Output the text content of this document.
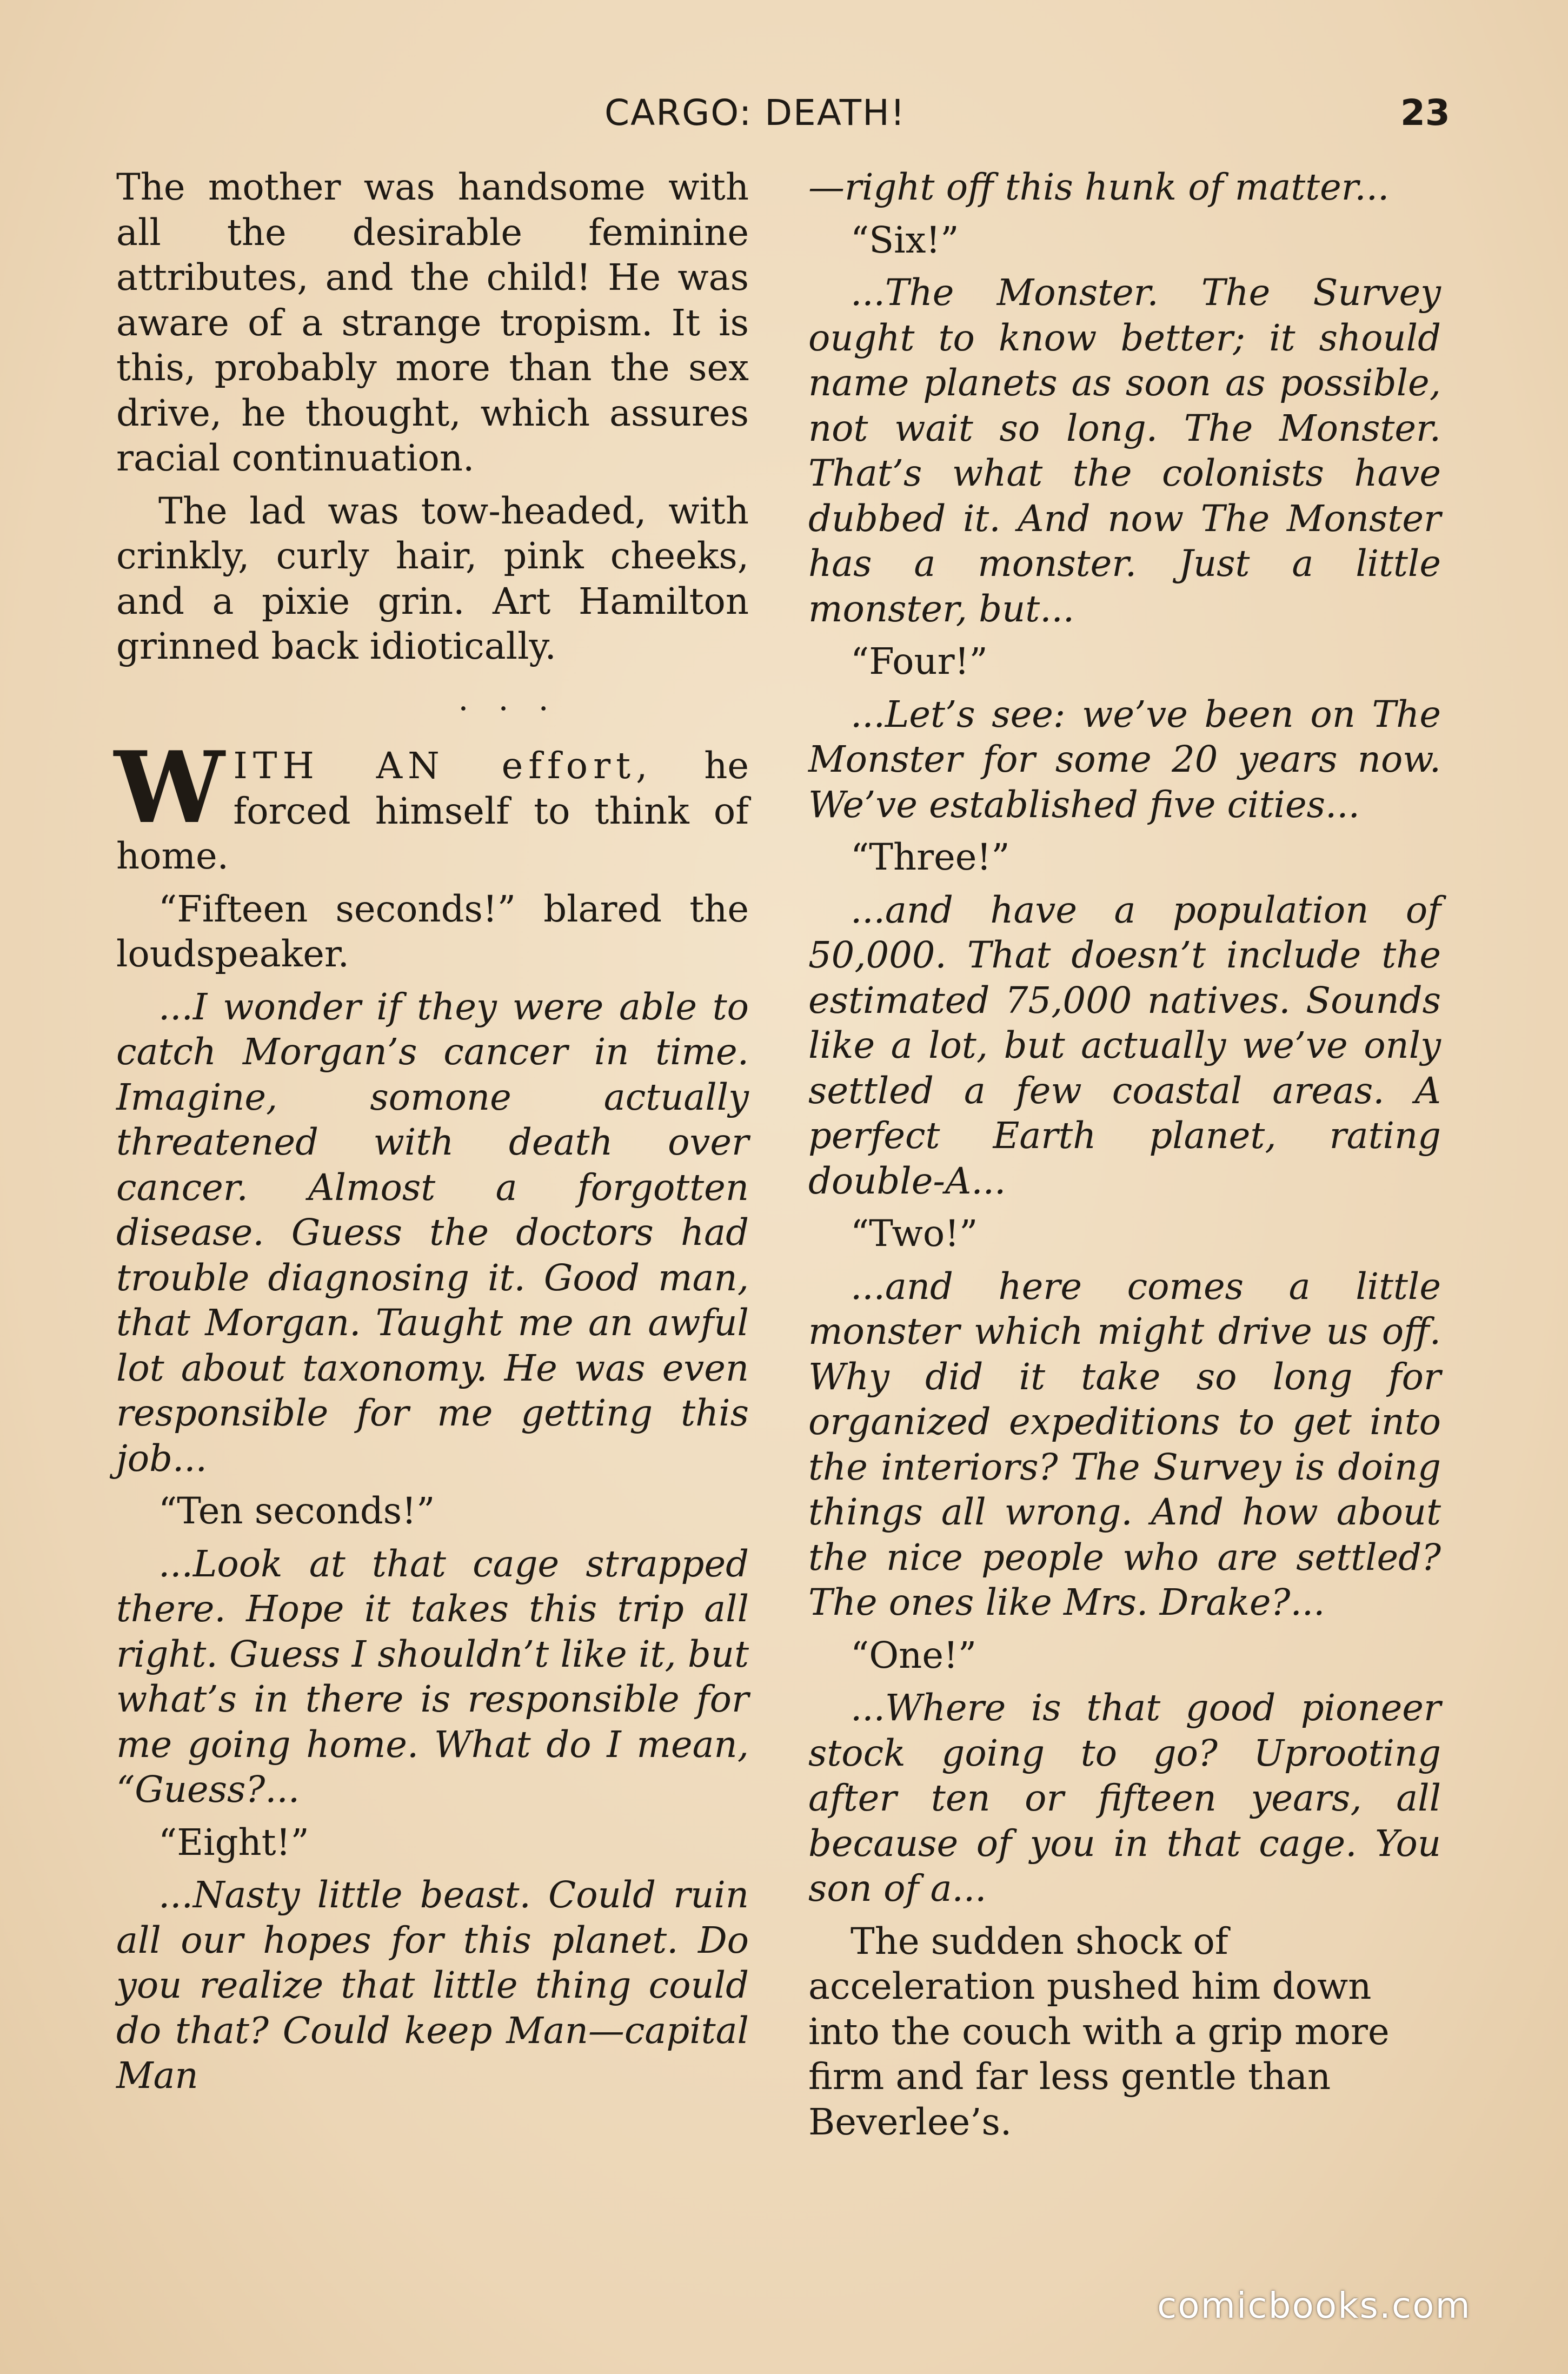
CARGO: DEATH!	23

The mother was handsome with all the desirable feminine attributes, and the child! He was aware of a strange tropism. It is this, probably more than the sex drive, he thought, which assures racial continuation.

The lad was tow-headed, with crinkly, curly hair, pink cheeks, and a pixie grin. Art Hamilton grinned back idiotically.

. . .

WITH AN effort, he forced himself to think of home.

“Fifteen seconds!” blared the loudspeaker.

...I wonder if they were able to catch Morgan’s cancer in time. Imagine, somone actually threatened with death over cancer. Almost a forgotten disease. Guess the doctors had trouble diagnosing it. Good man, that Morgan. Taught me an awful lot about taxonomy. He was even responsible for me getting this job...

“Ten seconds!”

...Look at that cage strapped there. Hope it takes this trip all right. Guess I shouldn’t like it, but what’s in there is responsible for me going home. What do I mean, “Guess?...

“Eight!”

...Nasty little beast. Could ruin all our hopes for this planet. Do you realize that little thing could do that? Could keep Man—capital Man

—right off this hunk of matter...

“Six!”

...The Monster. The Survey ought to know better; it should name planets as soon as possible, not wait so long. The Monster. That’s what the colonists have dubbed it. And now The Monster has a monster. Just a little monster, but...

“Four!”

...Let’s see: we’ve been on The Monster for some 20 years now. We’ve established five cities...

“Three!”

...and have a population of 50,000. That doesn’t include the estimated 75,000 natives. Sounds like a lot, but actually we’ve only settled a few coastal areas. A perfect Earth planet, rating double-A...

“Two!”

...and here comes a little monster which might drive us off. Why did it take so long for organized expeditions to get into the interiors? The Survey is doing things all wrong. And how about the nice people who are settled? The ones like Mrs. Drake?...

“One!”

...Where is that good pioneer stock going to go? Uprooting after ten or fifteen years, all because of you in that cage. You son of a...

The sudden shock of acceleration pushed him down into the couch with a grip more firm and far less gentle than Beverlee’s.

comicbooks.com
